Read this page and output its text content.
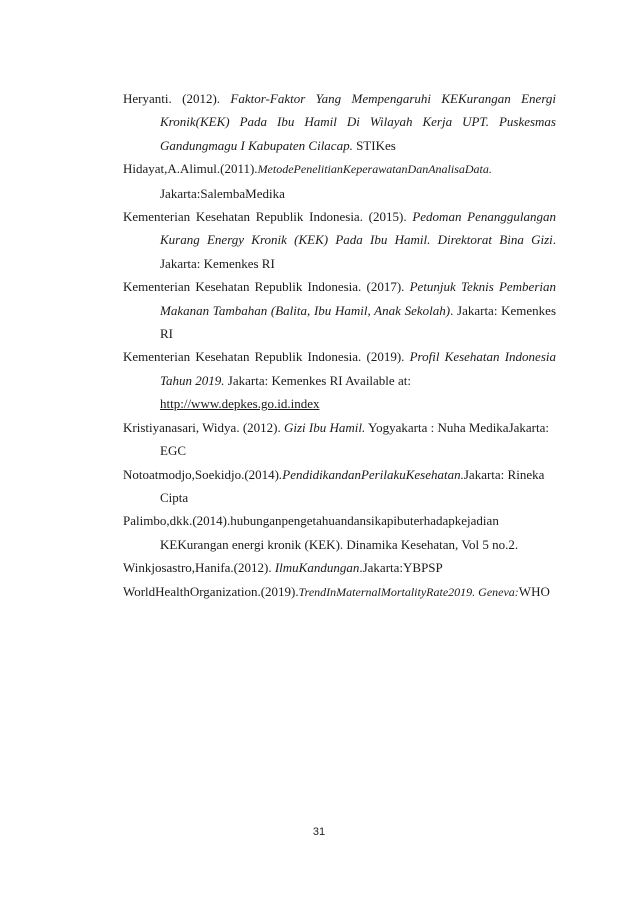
Heryanti. (2012). Faktor-Faktor Yang Mempengaruhi KEKurangan Energi Kronik(KEK) Pada Ibu Hamil Di Wilayah Kerja UPT. Puskesmas Gandungmagu I Kabupaten Cilacap. STIKes

Hidayat,A.Alimul.(2011).MetodePenelitianKeperawatanDanAnalisaData.
Jakarta:SalembaMedika

Kementerian Kesehatan Republik Indonesia. (2015). Pedoman Penanggulangan Kurang Energy Kronik (KEK) Pada Ibu Hamil. Direktorat Bina Gizi. Jakarta: Kemenkes RI

Kementerian Kesehatan Republik Indonesia. (2017). Petunjuk Teknis Pemberian Makanan Tambahan (Balita, Ibu Hamil, Anak Sekolah). Jakarta: Kemenkes RI

Kementerian Kesehatan Republik Indonesia. (2019). Profil Kesehatan Indonesia Tahun 2019. Jakarta: Kemenkes RI Available at:
http://www.depkes.go.id.index

Kristiyanasari, Widya. (2012). Gizi Ibu Hamil. Yogyakarta : Nuha MedikaJakarta: EGC

Notoatmodjo,Soekidjo.(2014).PendidikandanPerilakuKesehatan.Jakarta: Rineka Cipta

Palimbo,dkk.(2014).hubunganpengetahuandansikapibuterhadapkejadian KEKurangan energi kronik (KEK). Dinamika Kesehatan, Vol 5 no.2.

Winkjosastro,Hanifa.(2012). IlmuKandungan.Jakarta:YBPSP

WorldHealthOrganization.(2019).TrendInMaternalMortalityRate2019. Geneva:WHO

31
